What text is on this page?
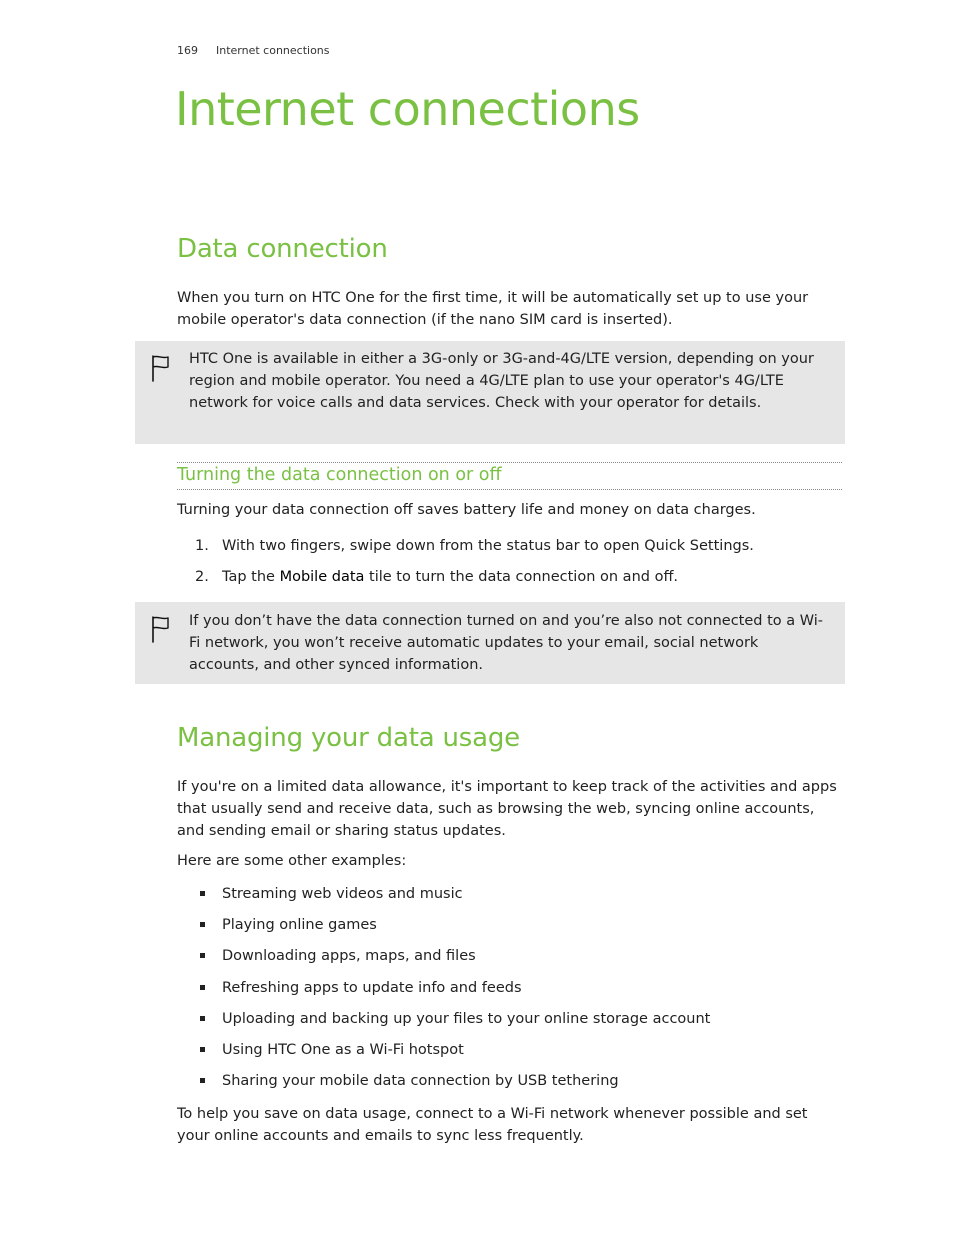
169 Internet connections
Internet connections
Data connection

When you turn on HTC One for the first time, it will be automatically set up to use your mobile operator's data connection (if the nano SIM card is inserted).

HTC One is available in either a 3G-only or 3G-and-4G/LTE version, depending on your region and mobile operator. You need a 4G/LTE plan to use your operator's 4G/LTE network for voice calls and data services. Check with your operator for details.

Turning the data connection on or off

Turning your data connection off saves battery life and money on data charges.

1. With two fingers, swipe down from the status bar to open Quick Settings.
2. Tap the Mobile data tile to turn the data connection on and off.

If you don’t have the data connection turned on and you’re also not connected to a Wi-Fi network, you won’t receive automatic updates to your email, social network accounts, and other synced information.

Managing your data usage

If you're on a limited data allowance, it's important to keep track of the activities and apps that usually send and receive data, such as browsing the web, syncing online accounts, and sending email or sharing status updates.

Here are some other examples:

Streaming web videos and music
Playing online games
Downloading apps, maps, and files
Refreshing apps to update info and feeds
Uploading and backing up your files to your online storage account
Using HTC One as a Wi-Fi hotspot
Sharing your mobile data connection by USB tethering

To help you save on data usage, connect to a Wi-Fi network whenever possible and set your online accounts and emails to sync less frequently.
